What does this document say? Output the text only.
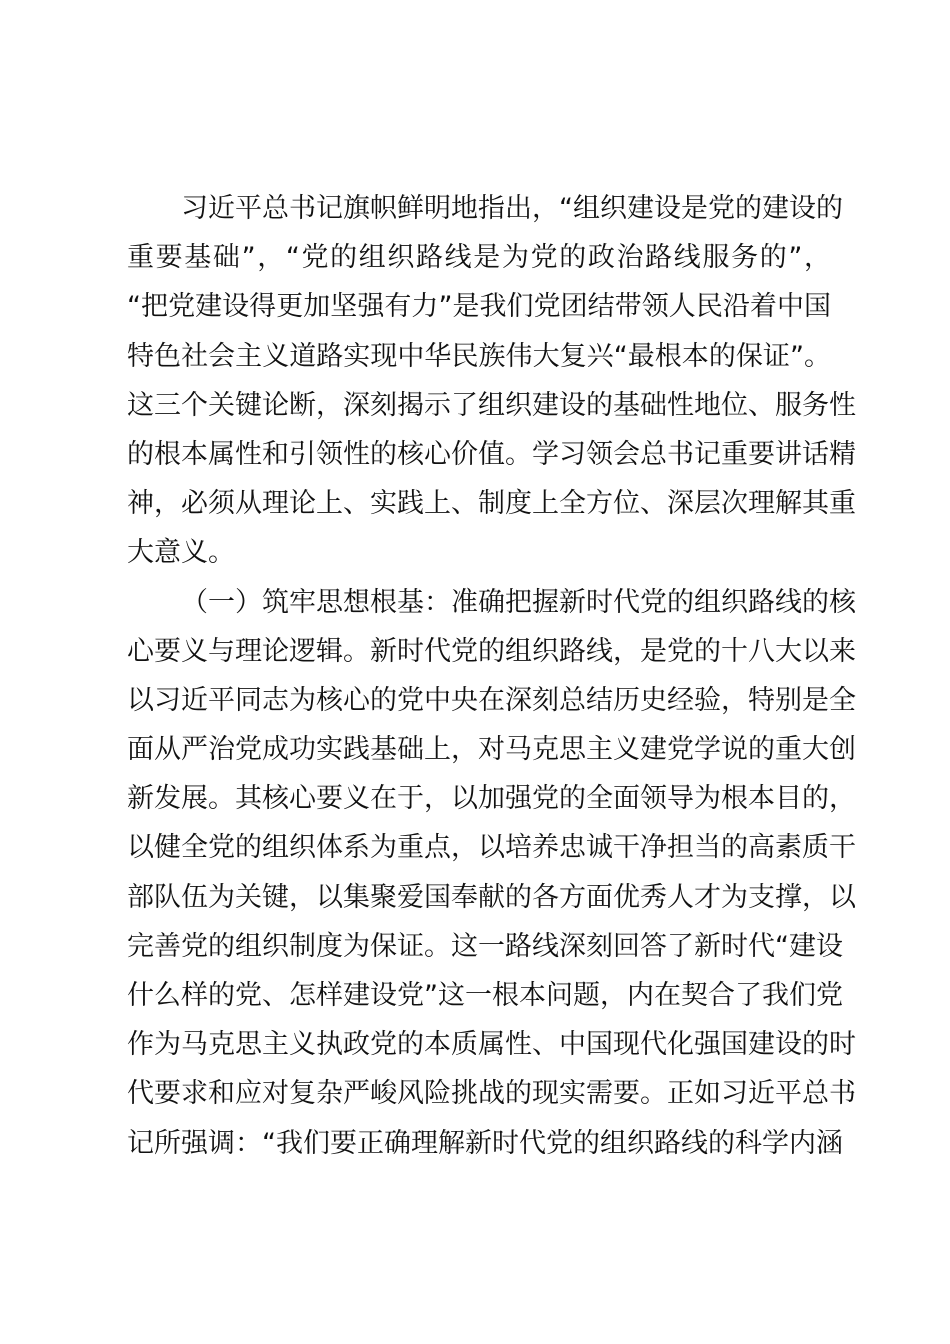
习近平总书记旗帜鲜明地指出，“组织建设是党的建设的
重要基础”，“党的组织路线是为党的政治路线服务的”，
“把党建设得更加坚强有力”是我们党团结带领人民沿着中国
特色社会主义道路实现中华民族伟大复兴“最根本的保证”。
这三个关键论断，深刻揭示了组织建设的基础性地位、服务性
的根本属性和引领性的核心价值。学习领会总书记重要讲话精
神，必须从理论上、实践上、制度上全方位、深层次理解其重
大意义。
（一）筑牢思想根基：准确把握新时代党的组织路线的核
心要义与理论逻辑。新时代党的组织路线，是党的十八大以来
以习近平同志为核心的党中央在深刻总结历史经验，特别是全
面从严治党成功实践基础上，对马克思主义建党学说的重大创
新发展。其核心要义在于，以加强党的全面领导为根本目的，
以健全党的组织体系为重点，以培养忠诚干净担当的高素质干
部队伍为关键，以集聚爱国奉献的各方面优秀人才为支撑，以
完善党的组织制度为保证。这一路线深刻回答了新时代“建设
什么样的党、怎样建设党”这一根本问题，内在契合了我们党
作为马克思主义执政党的本质属性、中国现代化强国建设的时
代要求和应对复杂严峻风险挑战的现实需要。正如习近平总书
记所强调：“我们要正确理解新时代党的组织路线的科学内涵
